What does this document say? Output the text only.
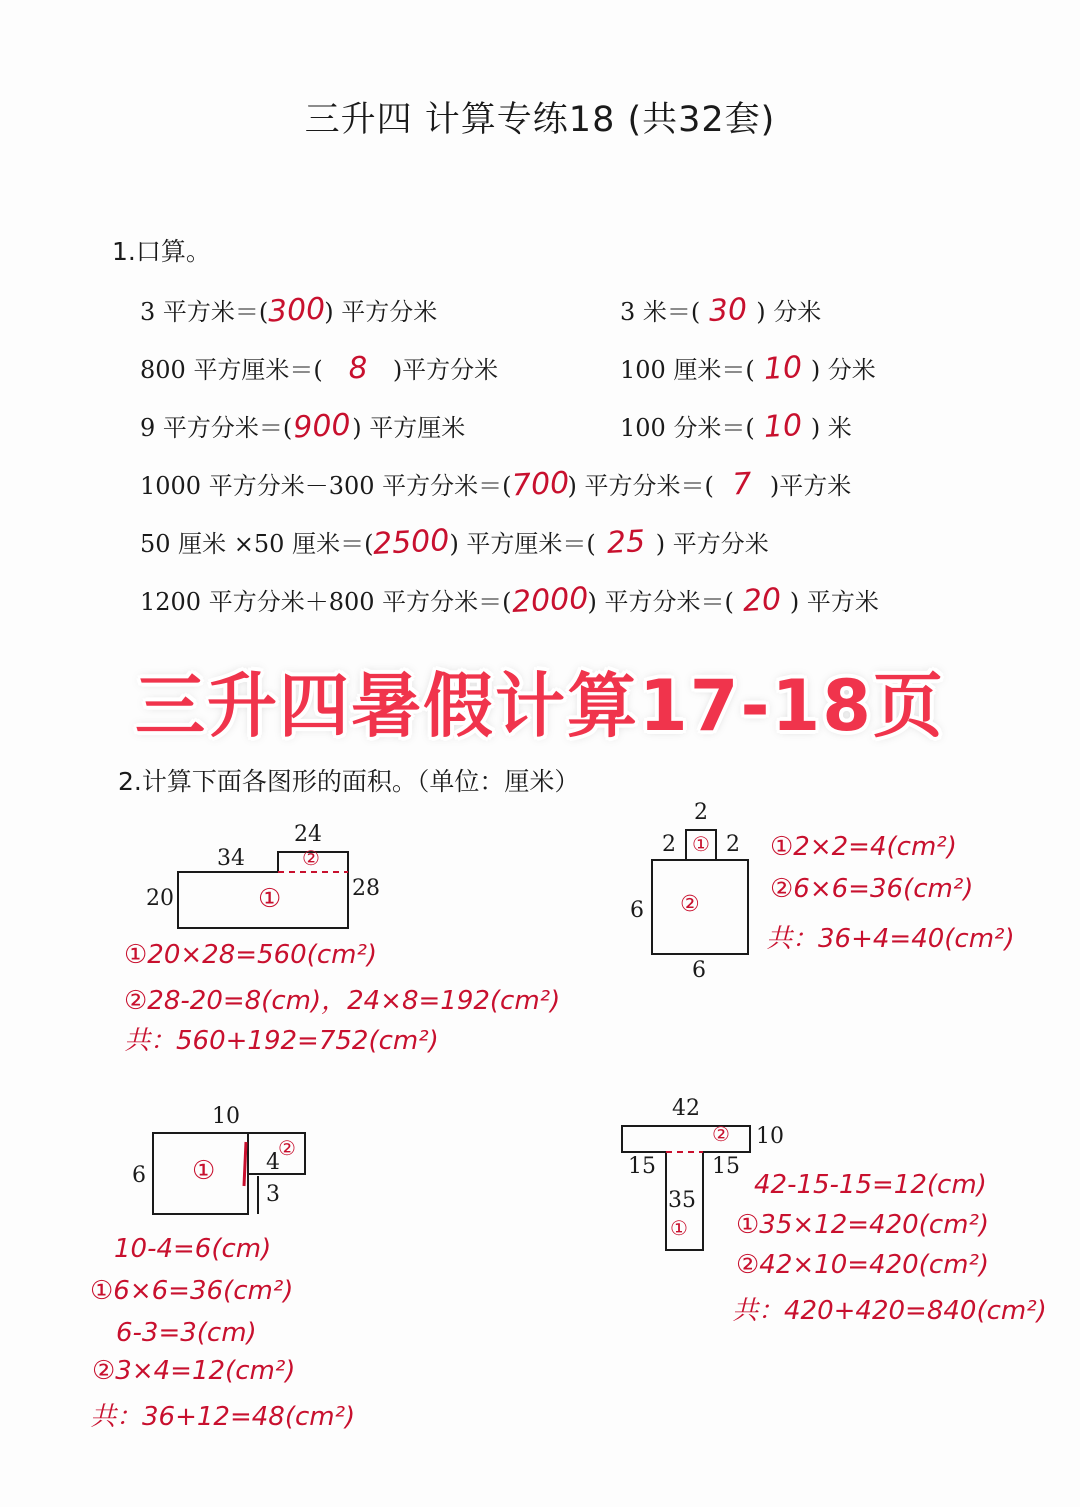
三升四 计算专练18 (共32套)
1.口算。
3 平方米＝(300) 平方分米	3 米＝( 30 ) 分米
800 平方厘米＝( 8 )平方分米	100 厘米＝( 10 ) 分米
9 平方分米＝(900) 平方厘米	100 分米＝( 10 ) 米
1000 平方分米－300 平方分米＝(700) 平方分米＝( 7 )平方米
50 厘米 ×50 厘米＝(2500) 平方厘米＝( 25 ) 平方分米
1200 平方分米＋800 平方分米＝(2000) 平方分米＝( 20 ) 平方米
三升四暑假计算17-18页
2.计算下面各图形的面积。（单位：厘米）
34
24
20	28
①
②
①20×28=560(cm²)
②28-20=8(cm)，24×8=192(cm²)
共：560+192=752(cm²)
2
2 2
6
6
①
②
①2×2=4(cm²)
②6×6=36(cm²)
共：36+4=40(cm²)
10
6
4
3
①
②
10-4=6(cm)
①6×6=36(cm²)
6-3=3(cm)
②3×4=12(cm²)
共：36+12=48(cm²)
42
10
15	15
35
①
②
42-15-15=12(cm)
①35×12=420(cm²)
②42×10=420(cm²)
共：420+420=840(cm²)
